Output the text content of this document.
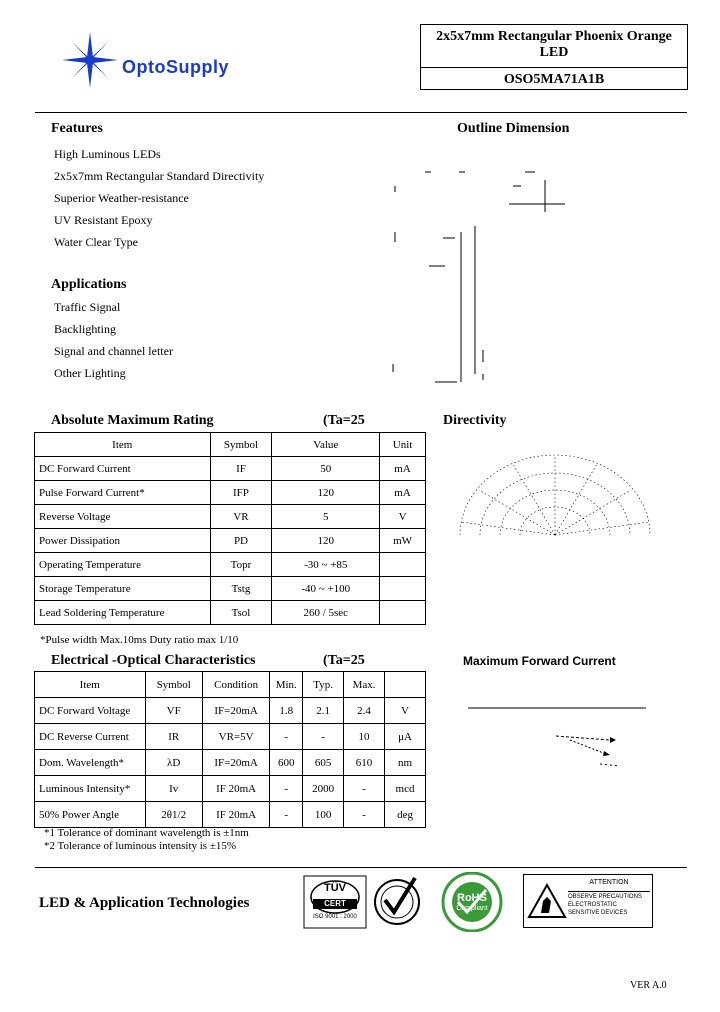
OptoSupply
2x5x7mm Rectangular Phoenix Orange
LED
OSO5MA71A1B
Features
High Luminous LEDs
2x5x7mm Rectangular Standard Directivity
Superior Weather-resistance
UV Resistant Epoxy
Water Clear Type
Applications
Traffic Signal
Backlighting
Signal and channel letter
Other Lighting
Outline Dimension
Absolute Maximum Rating	(Ta=25
Item	Symbol	Value	Unit
DC Forward Current	IF	50	mA
Pulse Forward Current*	IFP	120	mA
Reverse Voltage	VR	5	V
Power Dissipation	PD	120	mW
Operating Temperature	Topr	-30 ~ +85	
Storage Temperature	Tstg	-40 ~ +100	
Lead Soldering Temperature	Tsol	260 / 5sec	
*Pulse width Max.10ms Duty ratio max 1/10
Directivity
Electrical -Optical Characteristics	(Ta=25
Item	Symbol	Condition	Min.	Typ.	Max.	
DC Forward Voltage	VF	IF=20mA	1.8	2.1	2.4	V
DC Reverse Current	IR	VR=5V	-	-	10	μA
Dom. Wavelength*	λD	IF=20mA	600	605	610	nm
Luminous Intensity*	Iv	IF 20mA	-	2000	-	mcd
50% Power Angle	2θ1/2	IF 20mA	-	100	-	deg
*1 Tolerance of dominant wavelength is ±1nm
*2 Tolerance of luminous intensity is ±15%
Maximum Forward Current
LED & Application Technologies
TÜV
CERT
ISO 9001 : 2000
RoHS
Compliant
ATTENTION
OBSERVE PRECAUTIONS
ELECTROSTATIC
SENSITIVE DEVICES
VER A.0
